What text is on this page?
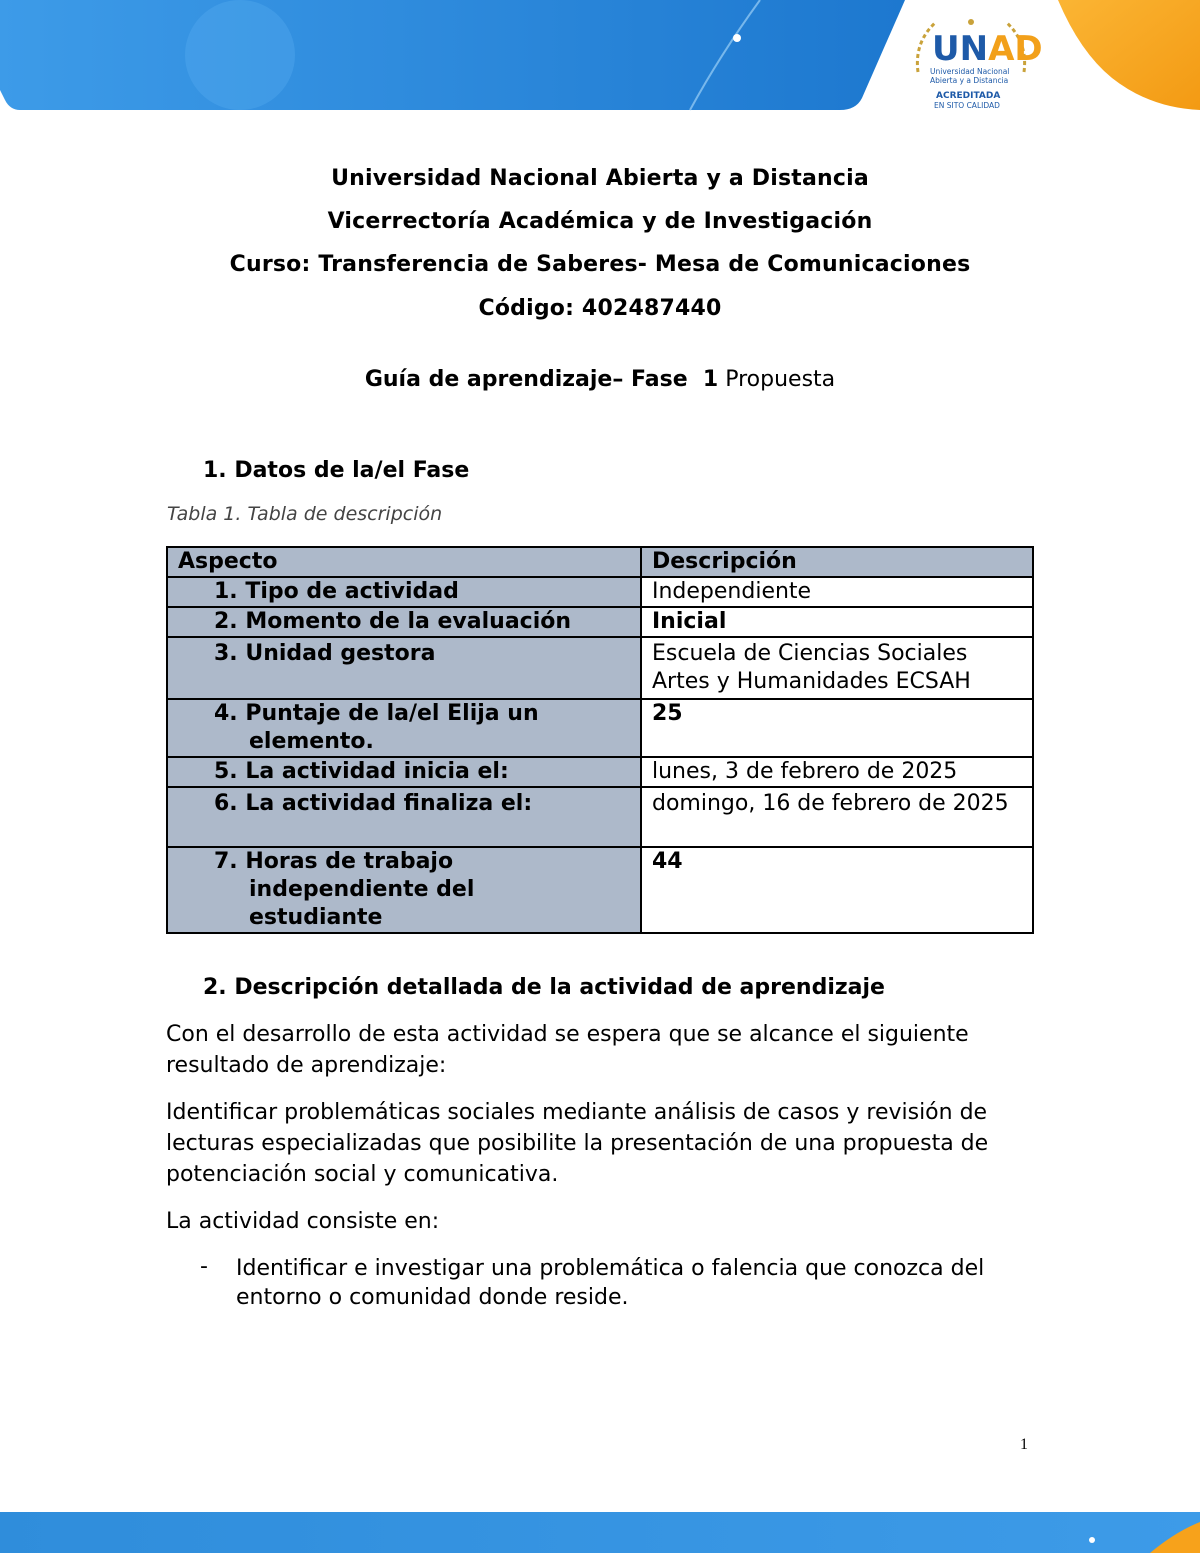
UNAD
Universidad Nacional
Abierta y a Distancia
ACREDITADA
EN SITO CALIDAD
Universidad Nacional Abierta y a Distancia
Vicerrectoría Académica y de Investigación
Curso: Transferencia de Saberes- Mesa de Comunicaciones
Código: 402487440
Guía de aprendizaje– Fase  1 Propuesta
1. Datos de la/el Fase
Tabla 1. Tabla de descripción
Aspecto	Descripción
1. Tipo de actividad	Independiente
2. Momento de la evaluación	Inicial
3. Unidad gestora	Escuela de Ciencias Sociales Artes y Humanidades ECSAH
4. Puntaje de la/el Elija un
elemento.	25
5. La actividad inicia el:	lunes, 3 de febrero de 2025
6. La actividad finaliza el:	domingo, 16 de febrero de 2025
7. Horas de trabajo
independiente del
estudiante	44
2. Descripción detallada de la actividad de aprendizaje
Con el desarrollo de esta actividad se espera que se alcance el siguiente resultado de aprendizaje:
Identificar problemáticas sociales mediante análisis de casos y revisión de lecturas especializadas que posibilite la presentación de una propuesta de potenciación social y comunicativa.
La actividad consiste en:
- Identificar e investigar una problemática o falencia que conozca del entorno o comunidad donde reside.
1
